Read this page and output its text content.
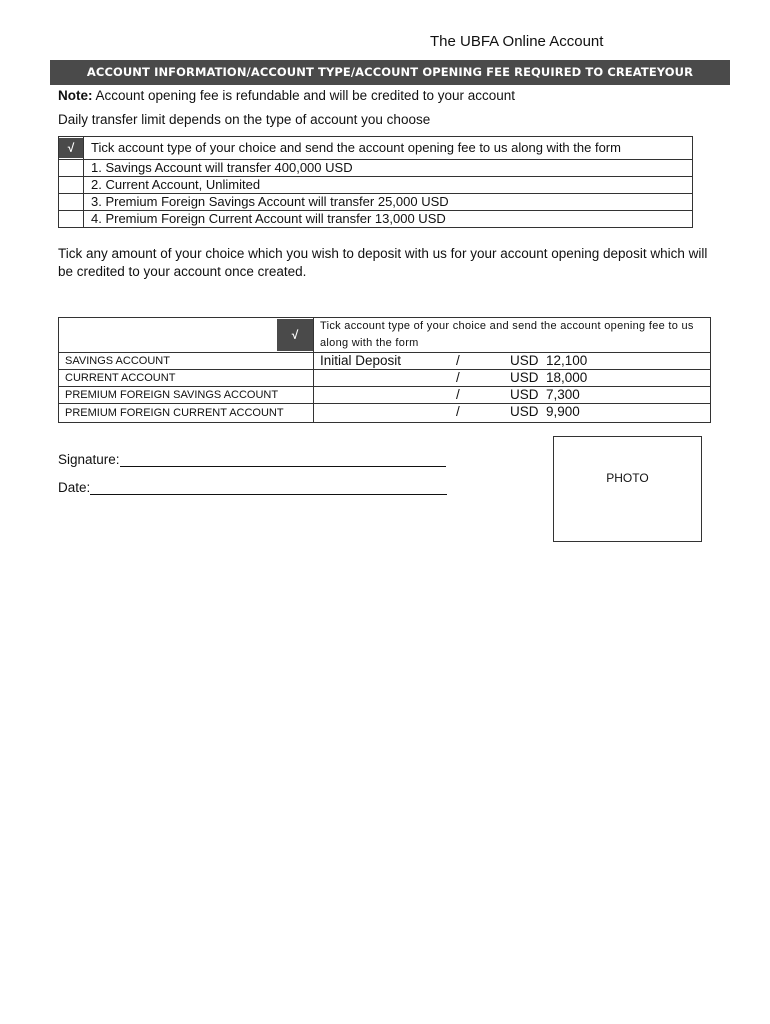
The UBFA Online Account
ACCOUNT INFORMATION/ACCOUNT TYPE/ACCOUNT OPENING FEE REQUIRED TO CREATEYOUR
Note: Account opening fee is refundable and will be credited to your account
Daily transfer limit depends on the type of account you choose
√	Tick account type of your choice and send the account opening fee to us along with the form
	1. Savings Account will transfer 400,000 USD
	2. Current Account, Unlimited
	3. Premium Foreign Savings Account will transfer 25,000 USD
	4. Premium Foreign Current Account will transfer 13,000 USD
Tick any amount of your choice which you wish to deposit with us for your account opening deposit which will be credited to your account once created.
√	Tick account type of your choice and send the account opening fee to us along with the form
SAVINGS ACCOUNT	Initial Deposit / USD 12,100

CURRENT ACCOUNT	/ USD 18,000

PREMIUM FOREIGN SAVINGS ACCOUNT	/ USD 7,300

PREMIUM FOREIGN CURRENT ACCOUNT	/ USD 9,900
Signature:
Date:
PHOTO
